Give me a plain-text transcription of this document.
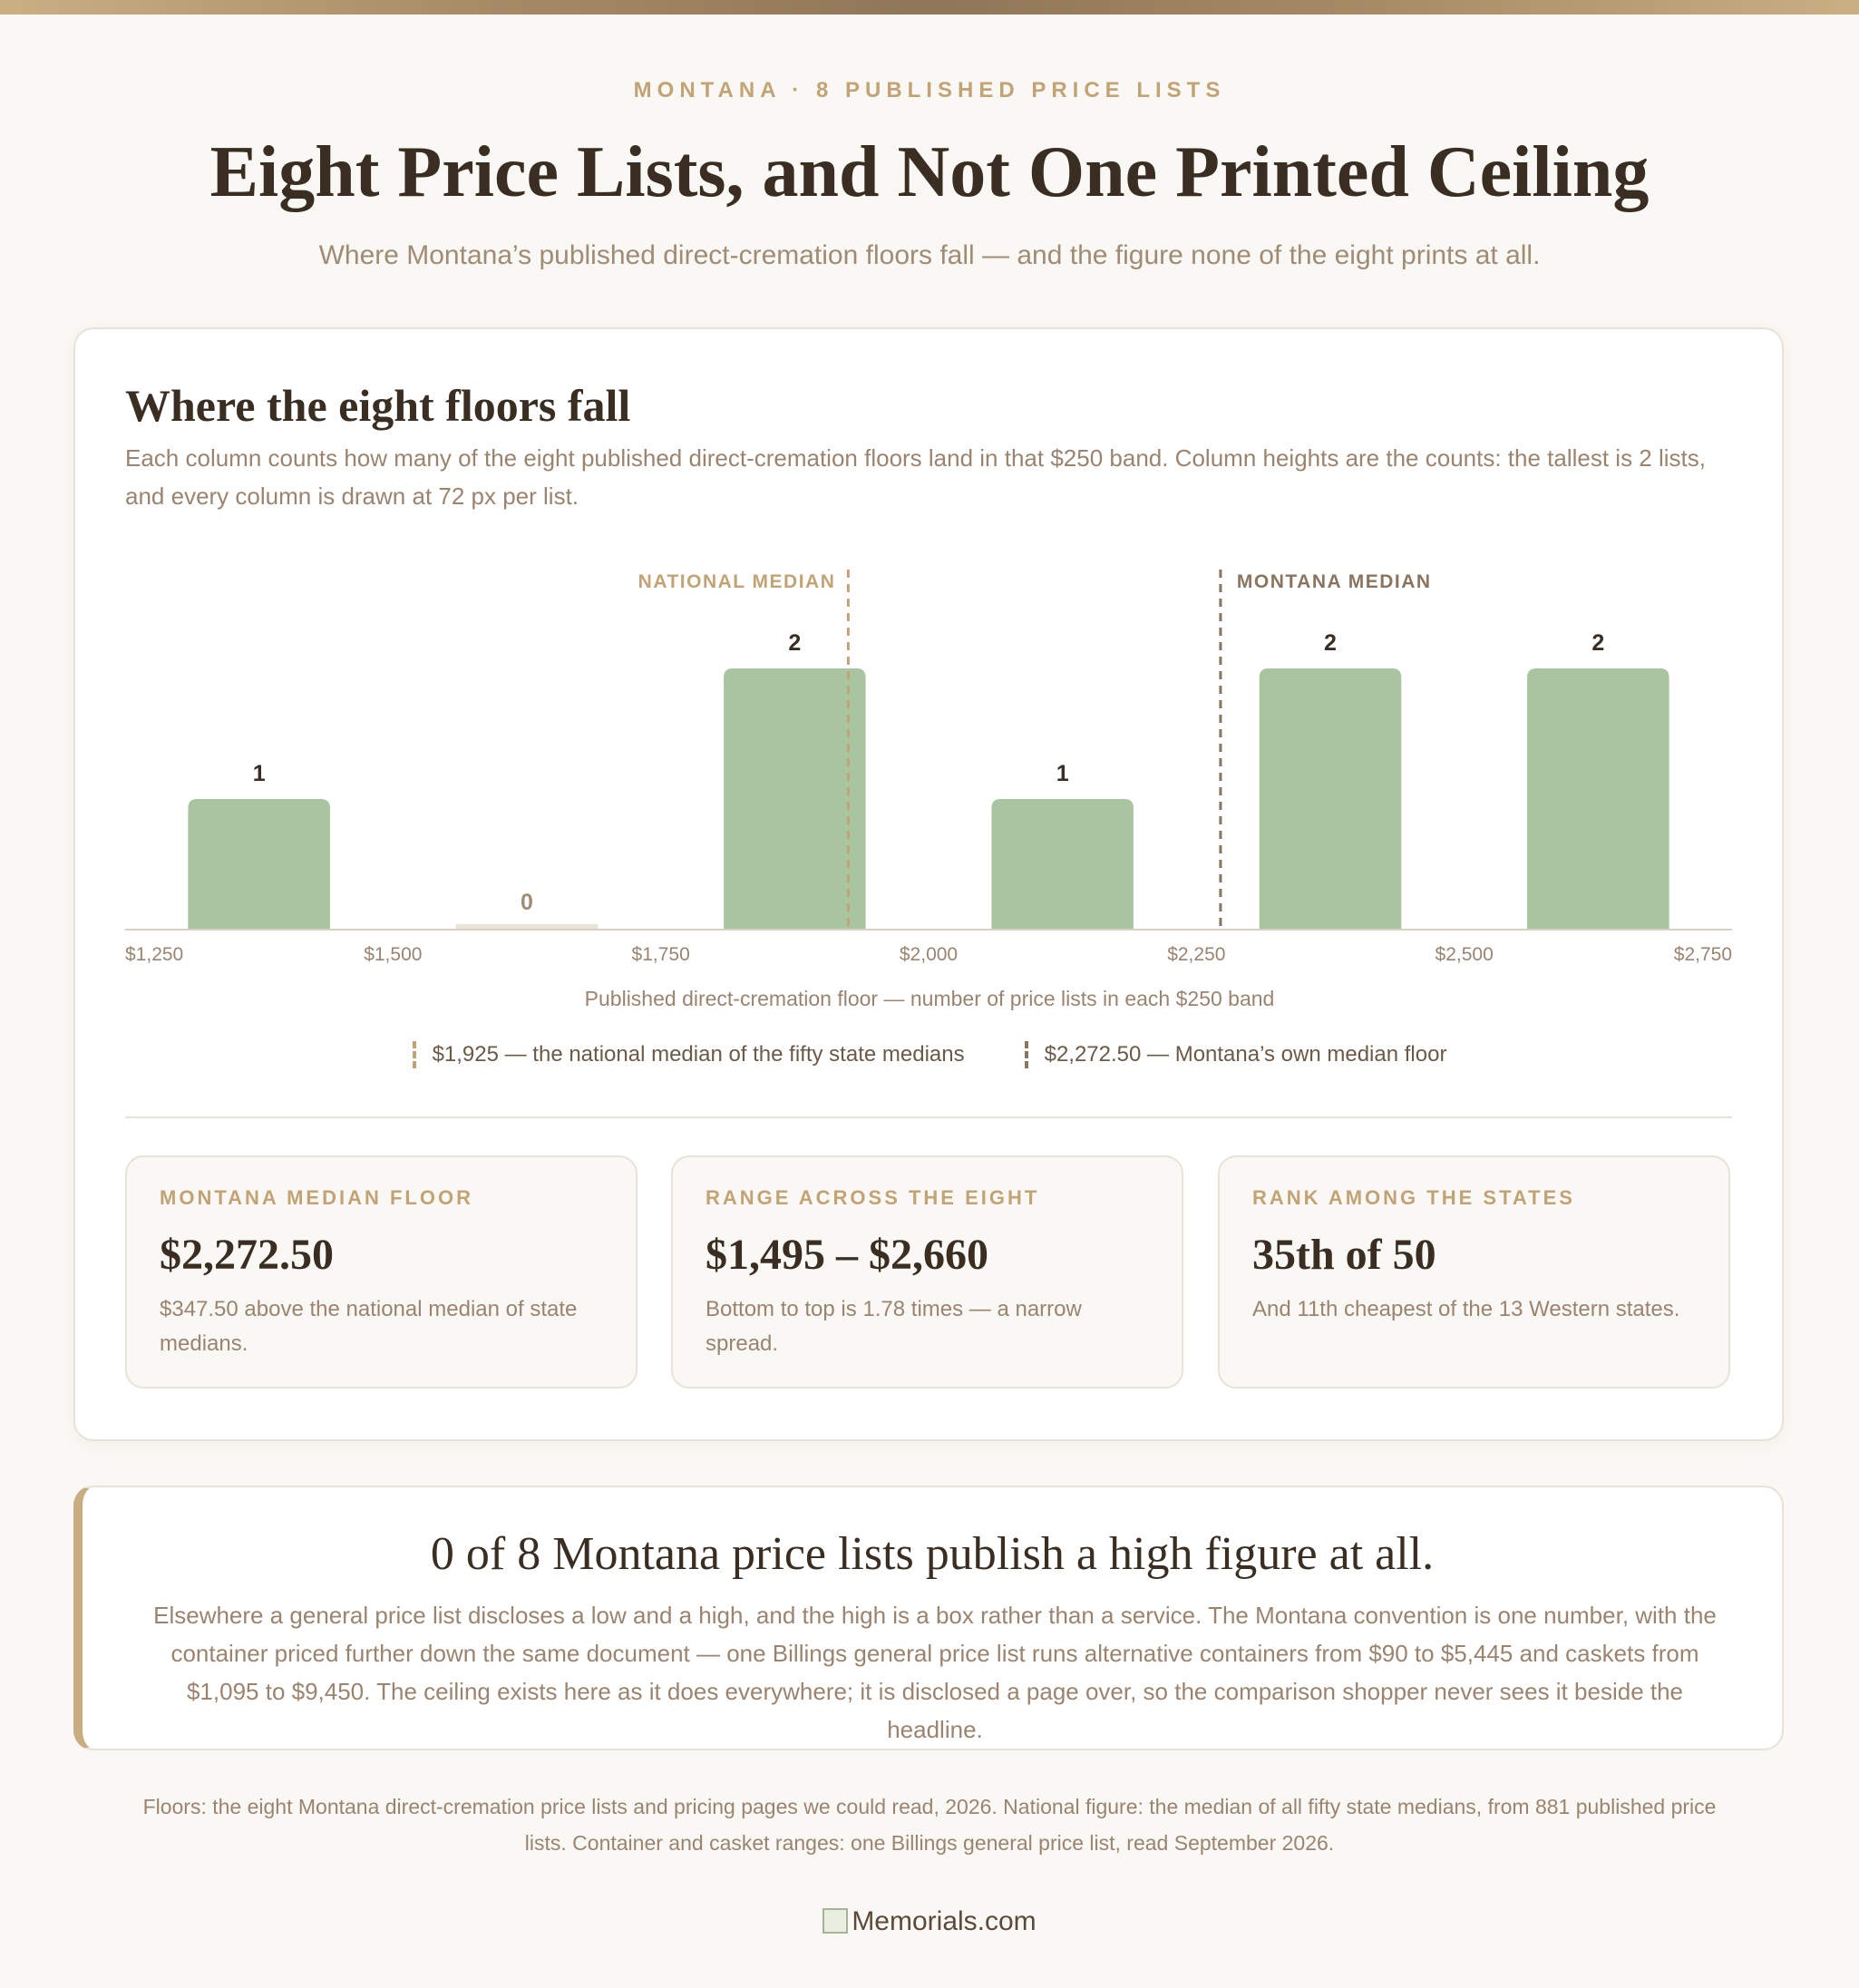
MONTANA · 8 PUBLISHED PRICE LISTS
Eight Price Lists, and Not One Printed Ceiling
Where Montana’s published direct-cremation floors fall — and the figure none of the eight prints at all.
Where the eight floors fall

Each column counts how many of the eight published direct-cremation floors land in that $250 band. Column heights are the counts: the tallest is 2 lists, and every column is drawn at 72 px per list.

1
0
2
1
2	2
$1,250	$1,500	$1,750	$2,000	$2,250	$2,500	$2,750
NATIONAL MEDIAN	MONTANA MEDIAN
Published direct-cremation floor — number of price lists in each $250 band
$1,925 — the national median of the fifty state medians	$2,272.50 — Montana’s own median floor
MONTANA MEDIAN FLOOR
$2,272.50
$347.50 above the national median of state medians.
RANGE ACROSS THE EIGHT
$1,495 – $2,660
Bottom to top is 1.78 times — a narrow spread.
RANK AMONG THE STATES
35th of 50
And 11th cheapest of the 13 Western states.
0 of 8 Montana price lists publish a high figure at all.
Elsewhere a general price list discloses a low and a high, and the high is a box rather than a service. The Montana convention is one number, with the container priced further down the same document — one Billings general price list runs alternative containers from $90 to $5,445 and caskets from $1,095 to $9,450. The ceiling exists here as it does everywhere; it is disclosed a page over, so the comparison shopper never sees it beside the headline.
Floors: the eight Montana direct-cremation price lists and pricing pages we could read, 2026. National figure: the median of all fifty state medians, from 881 published price lists. Container and casket ranges: one Billings general price list, read September 2026.
Memorials.com
